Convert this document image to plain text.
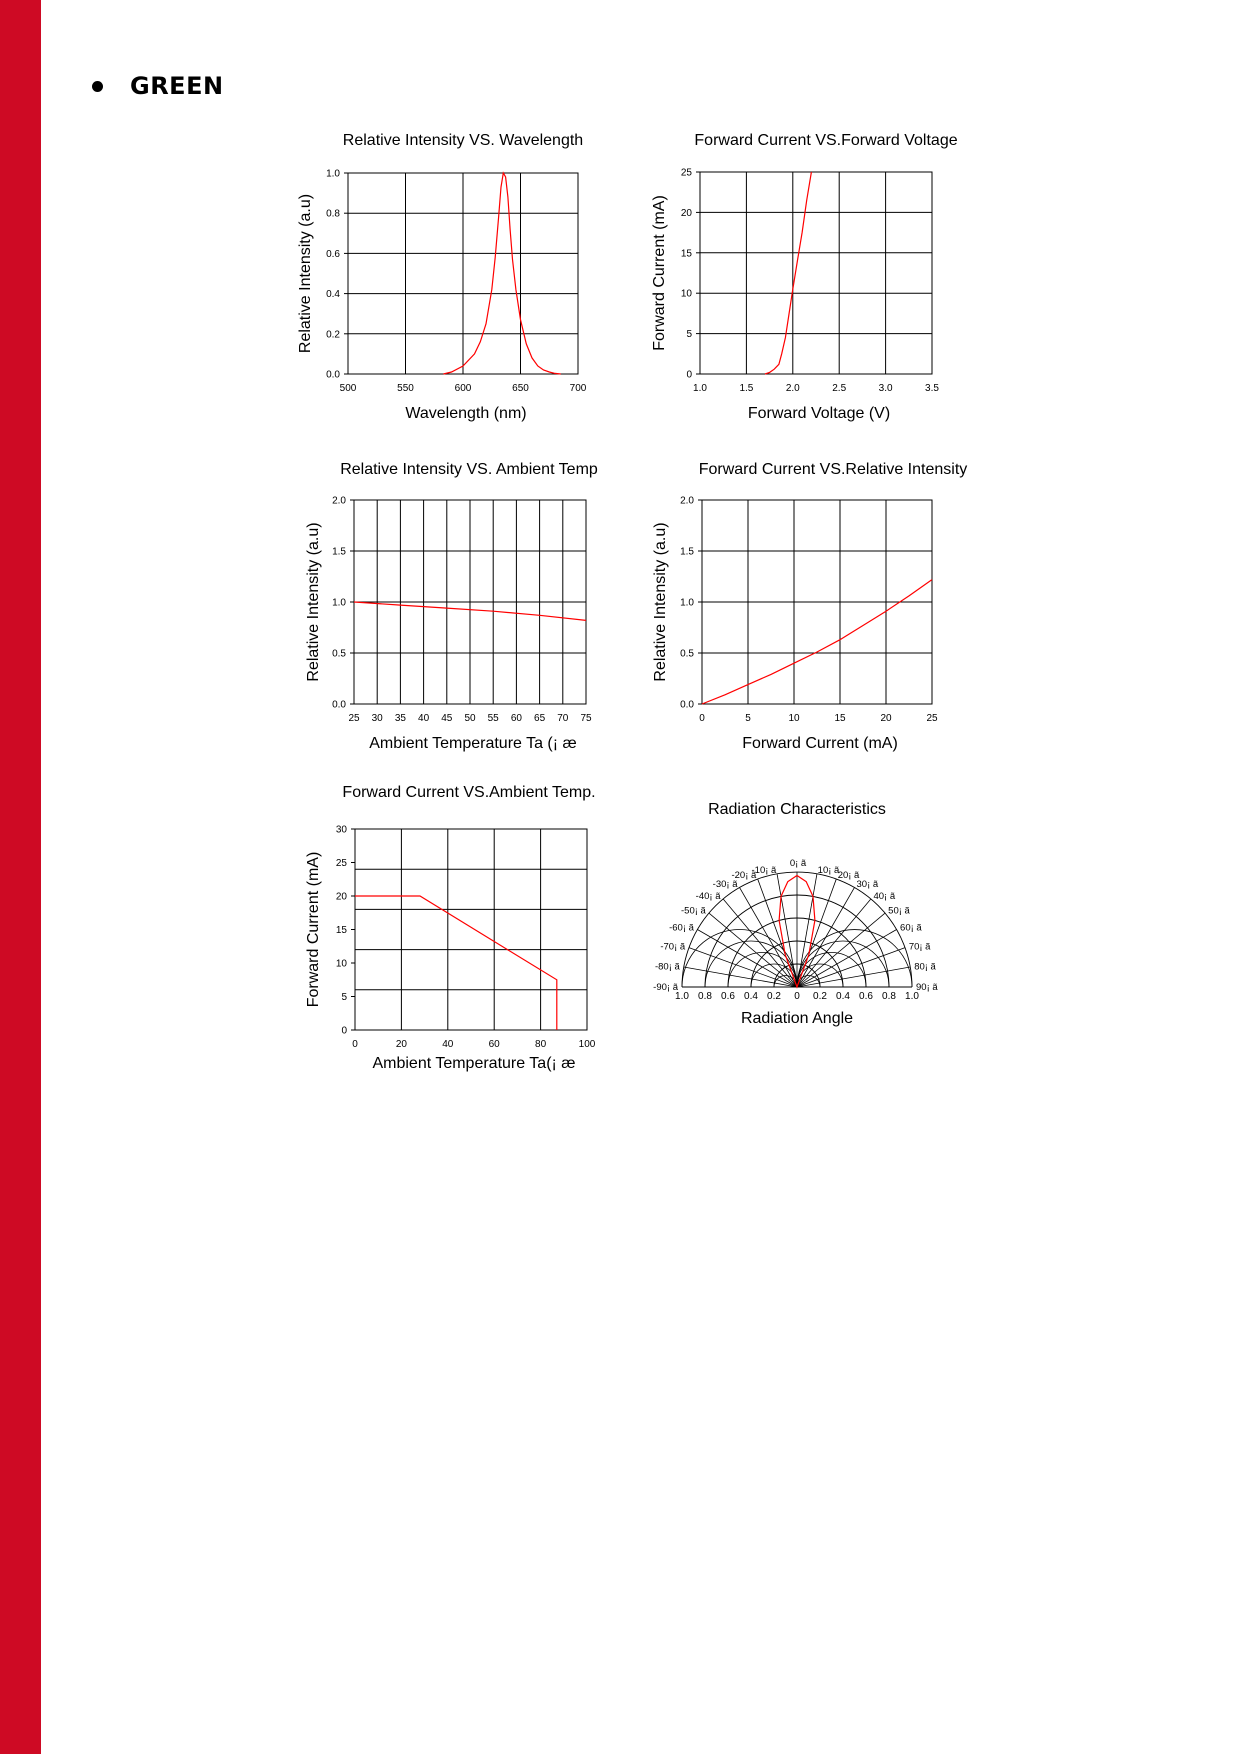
GREEN
500	550	600	650	700
0.0
0.2
0.4
0.6
0.8
1.0
Relative Intensity VS. Wavelength
Wavelength (nm)
Relative Intensity (a.u)
1.0	1.5	2.0	2.5	3.0	3.5
0
5
10
15
20
25
Forward Current VS.Forward Voltage
Forward Voltage (V)
Forward Current (mA)
25 30 35 40 45 50 55 60 65 70 75
0.0
0.5
1.0
1.5
2.0
Relative Intensity VS. Ambient Temp
Ambient Temperature Ta (¡ æ
Relative Intensity (a.u)
0	5	10	15	20	25
0.0
0.5
1.0
1.5
2.0
Forward Current VS.Relative Intensity
Forward Current (mA)
Relative Intensity (a.u)
0	20	40	60	80	100
0
5
10
15
20
25
30
Forward Current VS.Ambient Temp.
Ambient Temperature Ta(¡ æ
Forward Current (mA)
Radiation Characteristics
Radiation Angle
1.0 0.8 0.6 0.4 0.2 0 0.2 0.4 0.6 0.8 1.0
0¡ ã
-10¡ ã
-20¡ ã
-30¡ ã
-40¡ ã
-50¡ ã
-60¡ ã
-70¡ ã
-80¡ ã
-90¡ ã
10¡ ã
20¡ ã
30¡ ã
40¡ ã
50¡ ã
60¡ ã
70¡ ã
80¡ ã
90¡ ã
